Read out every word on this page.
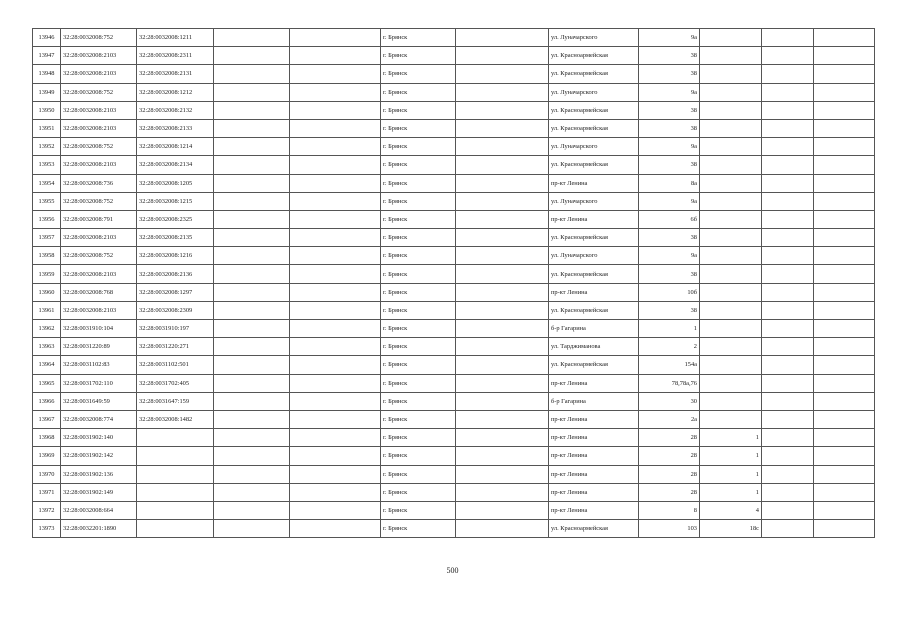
13946	32:28:0032008:752	32:28:0032008:1211			г. Брянск		ул. Луначарского	9а			
13947	32:28:0032008:2103	32:28:0032008:2311			г. Брянск		ул. Красноармейская	38			
13948	32:28:0032008:2103	32:28:0032008:2131			г. Брянск		ул. Красноармейская	38			
13949	32:28:0032008:752	32:28:0032008:1212			г. Брянск		ул. Луначарского	9а			
13950	32:28:0032008:2103	32:28:0032008:2132			г. Брянск		ул. Красноармейская	38			
13951	32:28:0032008:2103	32:28:0032008:2133			г. Брянск		ул. Красноармейская	38			
13952	32:28:0032008:752	32:28:0032008:1214			г. Брянск		ул. Луначарского	9а			
13953	32:28:0032008:2103	32:28:0032008:2134			г. Брянск		ул. Красноармейская	38			
13954	32:28:0032008:736	32:28:0032008:1205			г. Брянск		пр-кт Ленина	8а			
13955	32:28:0032008:752	32:28:0032008:1215			г. Брянск		ул. Луначарского	9а			
13956	32:28:0032008:791	32:28:0032008:2325			г. Брянск		пр-кт Ленина	6б			
13957	32:28:0032008:2103	32:28:0032008:2135			г. Брянск		ул. Красноармейская	38			
13958	32:28:0032008:752	32:28:0032008:1216			г. Брянск		ул. Луначарского	9а			
13959	32:28:0032008:2103	32:28:0032008:2136			г. Брянск		ул. Красноармейская	38			
13960	32:28:0032008:768	32:28:0032008:1297			г. Брянск		пр-кт Ленина	10б			
13961	32:28:0032008:2103	32:28:0032008:2309			г. Брянск		ул. Красноармейская	38			
13962	32:28:0031910:104	32:28:0031910:197			г. Брянск		б-р Гагарина	1			
13963	32:28:0031220:89	32:28:0031220:271			г. Брянск		ул. Тарджиманова	2			
13964	32:28:0031102:83	32:28:0031102:501			г. Брянск		ул. Красноармейская	154а			
13965	32:28:0031702:110	32:28:0031702:405			г. Брянск		пр-кт Ленина	78,78а,76			
13966	32:28:0031649:59	32:28:0031647:159			г. Брянск		б-р Гагарина	30			
13967	32:28:0032008:774	32:28:0032008:1482			г. Брянск		пр-кт Ленина	2а			
13968	32:28:0031902:140				г. Брянск		пр-кт Ленина	28	1		
13969	32:28:0031902:142				г. Брянск		пр-кт Ленина	28	1		
13970	32:28:0031902:136				г. Брянск		пр-кт Ленина	28	1		
13971	32:28:0031902:149				г. Брянск		пр-кт Ленина	28	1		
13972	32:28:0032008:664				г. Брянск		пр-кт Ленина	8	4		
13973	32:28:0032201:1890				г. Брянск		ул. Красноармейская	103	18с		
500
